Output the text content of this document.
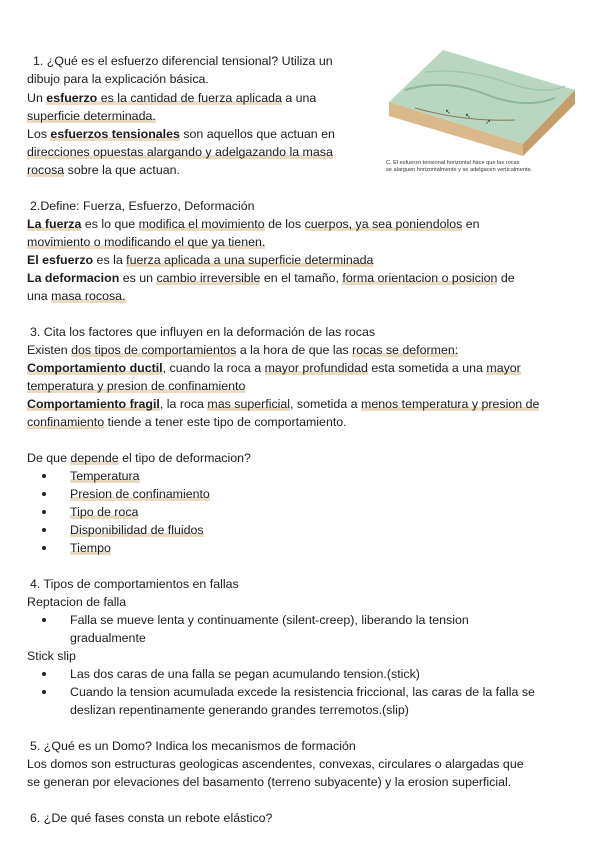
1. ¿Qué es el esfuerzo diferencial tensional? Utiliza un
dibujo para la explicación básica.
Un esfuerzo es la cantidad de fuerza aplicada a una
superficie determinada.
Los esfuerzos tensionales son aquellos que actuan en
direcciones opuestas alargando y adelgazando la masa
rocosa sobre la que actuan.
↖
↖
↗
C. El esfuerzo tensional horizontal hace que las rocas
se alarguen horizontalmente y se adelgacen verticalmente.
2.Define: Fuerza, Esfuerzo, Deformación
La fuerza es lo que modifica el movimiento de los cuerpos, ya sea poniendolos en
movimiento o modificando el que ya tienen.
El esfuerzo es la fuerza aplicada a una superficie determinada
La deformacion es un cambio irreversible en el tamaño, forma orientacion o posicion de
una masa rocosa.
3. Cita los factores que influyen en la deformación de las rocas
Existen dos tipos de comportamientos a la hora de que las rocas se deformen:
Comportamiento ductil, cuando la roca a mayor profundidad esta sometida a una mayor
temperatura y presion de confinamiento
Comportamiento fragil, la roca mas superficial, sometida a menos temperatura y presion de
confinamiento tiende a tener este tipo de comportamiento.
De que depende el tipo de deformacion?
Temperatura
Presion de confinamiento
Tipo de roca
Disponibilidad de fluidos
Tiempo
4. Tipos de comportamientos en fallas
Reptacion de falla
Falla se mueve lenta y continuamente (silent-creep), liberando la tension
gradualmente
Stick slip
Las dos caras de una falla se pegan acumulando tension.(stick)
Cuando la tension acumulada excede la resistencia friccional, las caras de la falla se
deslizan repentinamente generando grandes terremotos.(slip)
5. ¿Qué es un Domo? Indica los mecanismos de formación
Los domos son estructuras geologicas ascendentes, convexas, circulares o alargadas que
se generan por elevaciones del basamento (terreno subyacente) y la erosion superficial.
6. ¿De qué fases consta un rebote elástico?
